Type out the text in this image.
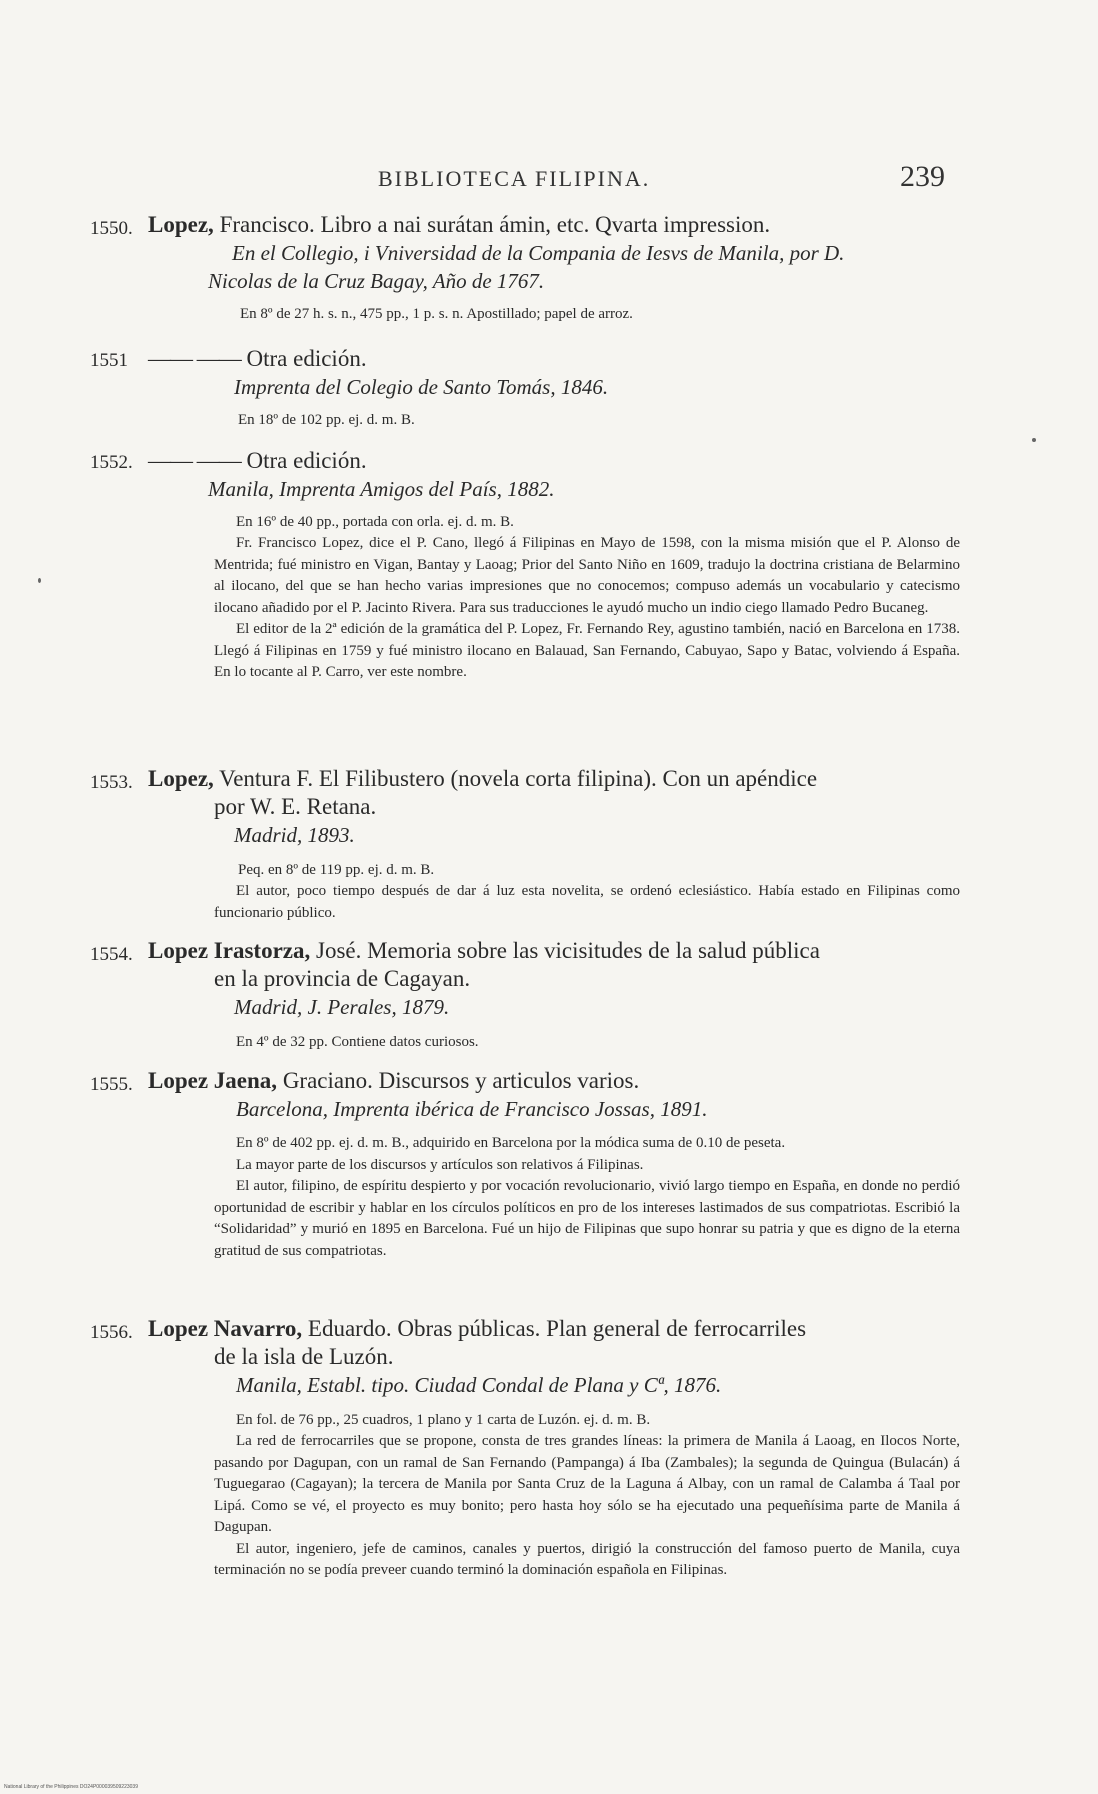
BIBLIOTECA FILIPINA.	239
1550. Lopez, Francisco. Libro a nai surátan ámin, etc. Qvarta impression.
En el Collegio, i Vniversidad de la Compania de Iesvs de Manila, por D.
Nicolas de la Cruz Bagay, Año de 1767.
En 8º de 27 h. s. n., 475 pp., 1 p. s. n. Apostillado; papel de arroz.
1551 —— —— Otra edición.
Imprenta del Colegio de Santo Tomás, 1846.
En 18º de 102 pp. ej. d. m. B.
1552. —— —— Otra edición.
Manila, Imprenta Amigos del País, 1882.
En 16º de 40 pp., portada con orla. ej. d. m. B.
Fr. Francisco Lopez, dice el P. Cano, llegó á Filipinas en Mayo de 1598, con la misma misión que el P. Alonso de Mentrida; fué ministro en Vigan, Bantay y Laoag; Prior del Santo Niño en 1609, tradujo la doctrina cristiana de Belarmino al ilocano, del que se han hecho varias impresiones que no conocemos; compuso además un vocabulario y catecismo ilocano añadido por el P. Jacinto Rivera. Para sus traducciones le ayudó mucho un indio ciego llamado Pedro Bucaneg.
El editor de la 2ª edición de la gramática del P. Lopez, Fr. Fernando Rey, agustino también, nació en Barcelona en 1738. Llegó á Filipinas en 1759 y fué ministro ilocano en Balauad, San Fernando, Cabuyao, Sapo y Batac, volviendo á España. En lo tocante al P. Carro, ver este nombre.
1553. Lopez, Ventura F. El Filibustero (novela corta filipina). Con un apéndice
por W. E. Retana.
Madrid, 1893.
Peq. en 8º de 119 pp. ej. d. m. B.
El autor, poco tiempo después de dar á luz esta novelita, se ordenó eclesiástico. Había estado en Filipinas como funcionario público.
1554. Lopez Irastorza, José. Memoria sobre las vicisitudes de la salud pública
en la provincia de Cagayan.
Madrid, J. Perales, 1879.
En 4º de 32 pp. Contiene datos curiosos.
1555. Lopez Jaena, Graciano. Discursos y articulos varios.
Barcelona, Imprenta ibérica de Francisco Jossas, 1891.
En 8º de 402 pp. ej. d. m. B., adquirido en Barcelona por la módica suma de 0.10 de peseta.
La mayor parte de los discursos y artículos son relativos á Filipinas.
El autor, filipino, de espíritu despierto y por vocación revolucionario, vivió largo tiempo en España, en donde no perdió oportunidad de escribir y hablar en los círculos políticos en pro de los intereses lastimados de sus compatriotas. Escribió la “Solidaridad” y murió en 1895 en Barcelona. Fué un hijo de Filipinas que supo honrar su patria y que es digno de la eterna gratitud de sus compatriotas.
1556. Lopez Navarro, Eduardo. Obras públicas. Plan general de ferrocarriles
de la isla de Luzón.
Manila, Establ. tipo. Ciudad Condal de Plana y Cª, 1876.
En fol. de 76 pp., 25 cuadros, 1 plano y 1 carta de Luzón. ej. d. m. B.
La red de ferrocarriles que se propone, consta de tres grandes líneas: la primera de Manila á Laoag, en Ilocos Norte, pasando por Dagupan, con un ramal de San Fernando (Pampanga) á Iba (Zambales); la segunda de Quingua (Bulacán) á Tuguegarao (Cagayan); la tercera de Manila por Santa Cruz de la Laguna á Albay, con un ramal de Calamba á Taal por Lipá. Como se vé, el proyecto es muy bonito; pero hasta hoy sólo se ha ejecutado una pequeñísima parte de Manila á Dagupan.
El autor, ingeniero, jefe de caminos, canales y puertos, dirigió la construcción del famoso puerto de Manila, cuya terminación no se podía preveer cuando terminó la dominación española en Filipinas.
National Library of the Philippines DO24P000039509223039
